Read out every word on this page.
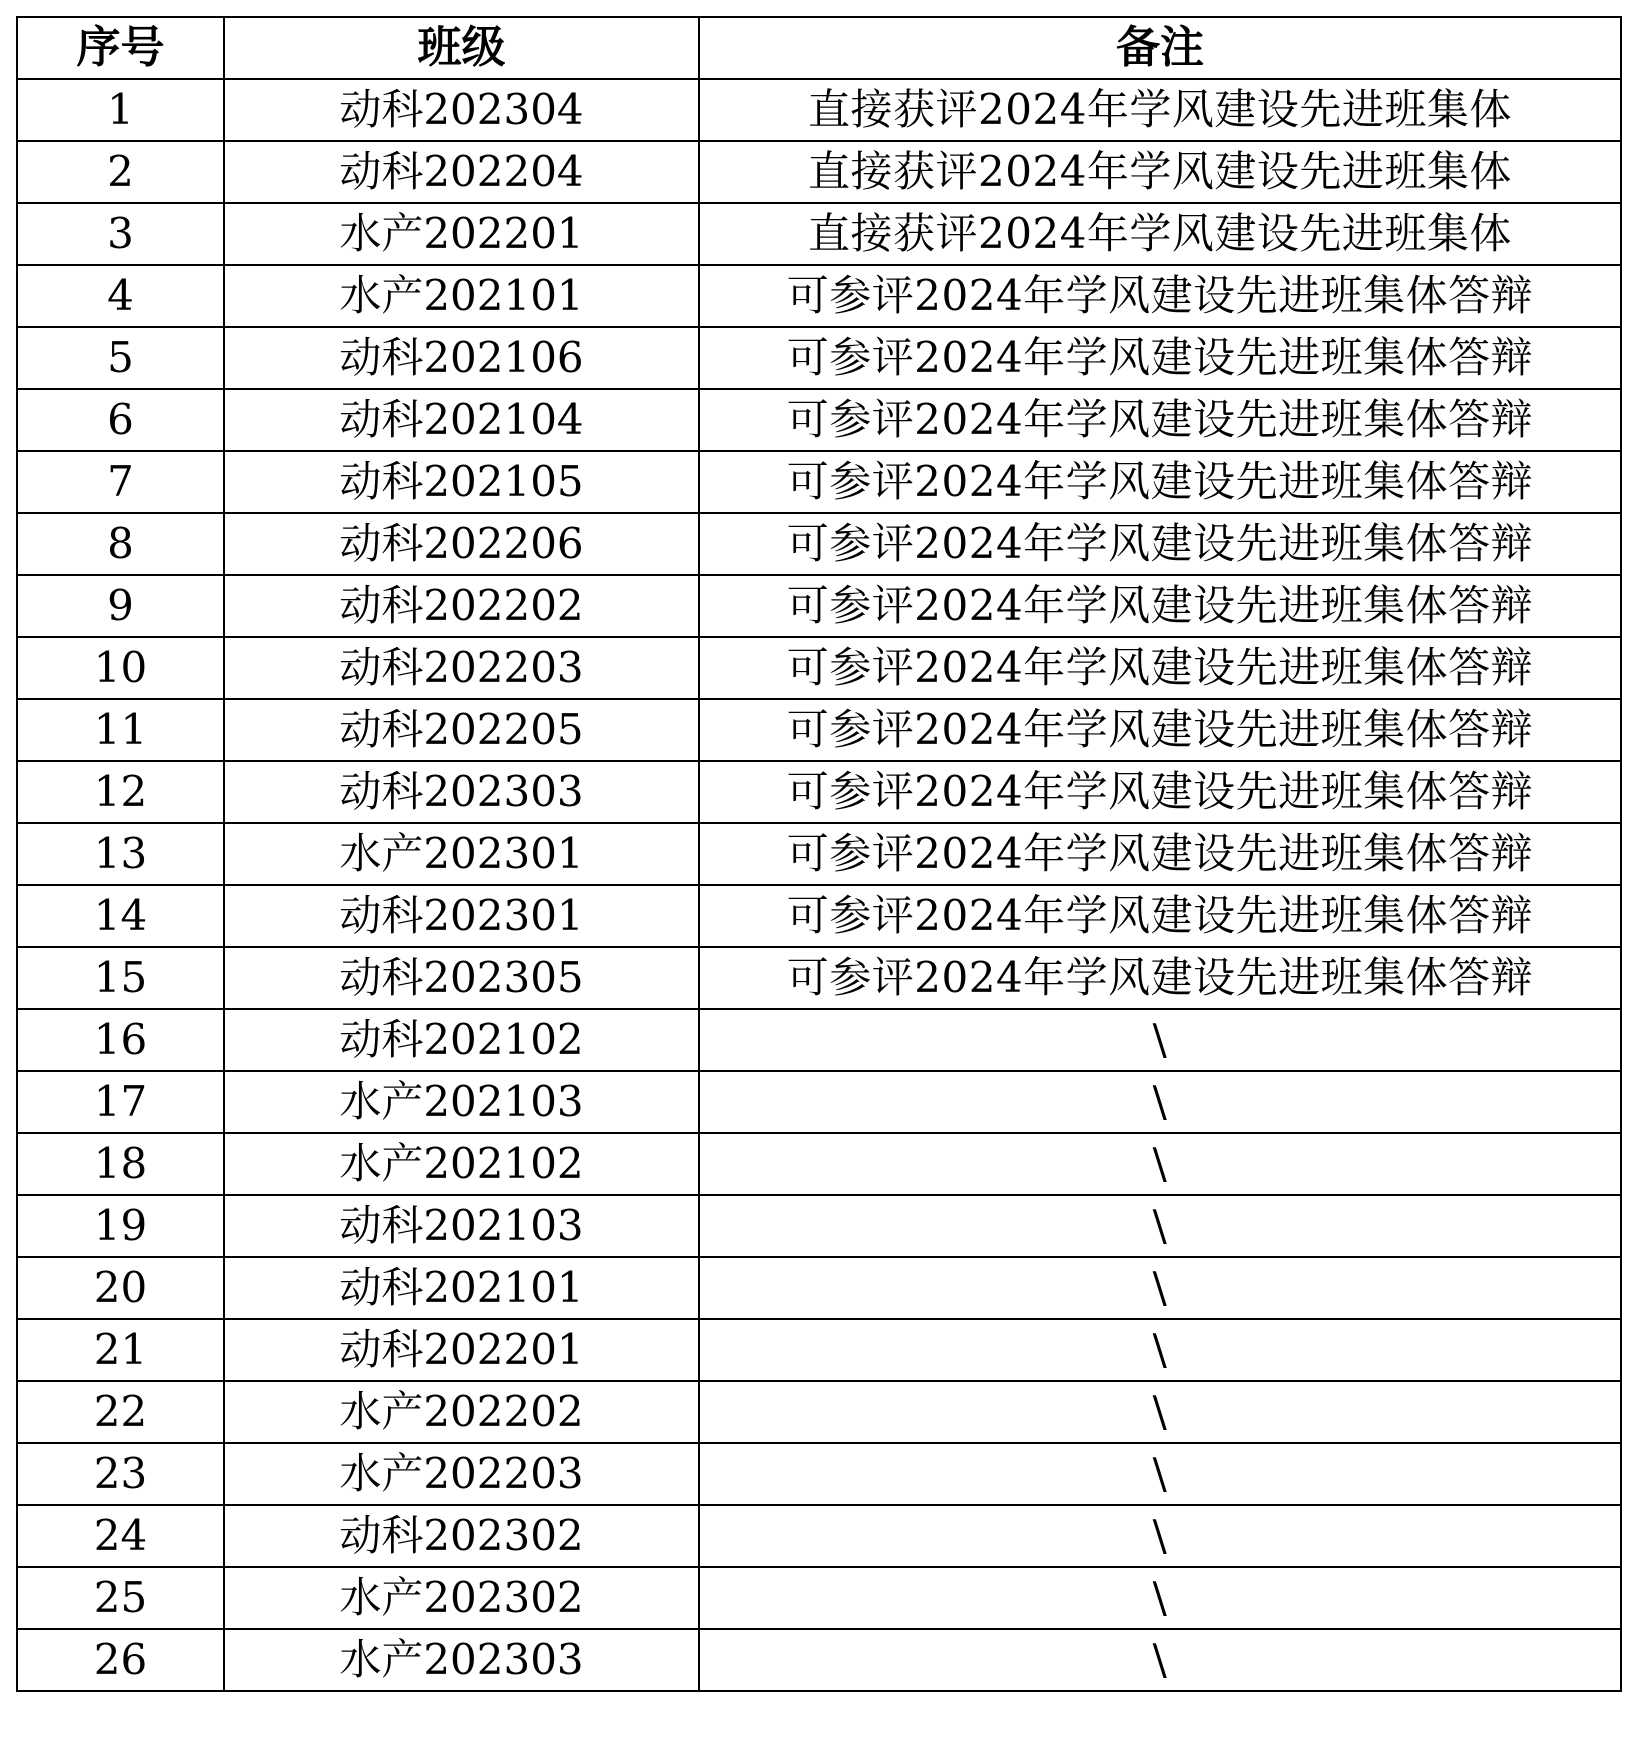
序号	班级	备注
1	动科202304	直接获评2024年学风建设先进班集体
2	动科202204	直接获评2024年学风建设先进班集体
3	水产202201	直接获评2024年学风建设先进班集体
4	水产202101	可参评2024年学风建设先进班集体答辩
5	动科202106	可参评2024年学风建设先进班集体答辩
6	动科202104	可参评2024年学风建设先进班集体答辩
7	动科202105	可参评2024年学风建设先进班集体答辩
8	动科202206	可参评2024年学风建设先进班集体答辩
9	动科202202	可参评2024年学风建设先进班集体答辩
10	动科202203	可参评2024年学风建设先进班集体答辩
11	动科202205	可参评2024年学风建设先进班集体答辩
12	动科202303	可参评2024年学风建设先进班集体答辩
13	水产202301	可参评2024年学风建设先进班集体答辩
14	动科202301	可参评2024年学风建设先进班集体答辩
15	动科202305	可参评2024年学风建设先进班集体答辩
16	动科202102	\
17	水产202103	\
18	水产202102	\
19	动科202103	\
20	动科202101	\
21	动科202201	\
22	水产202202	\
23	水产202203	\
24	动科202302	\
25	水产202302	\
26	水产202303	\
